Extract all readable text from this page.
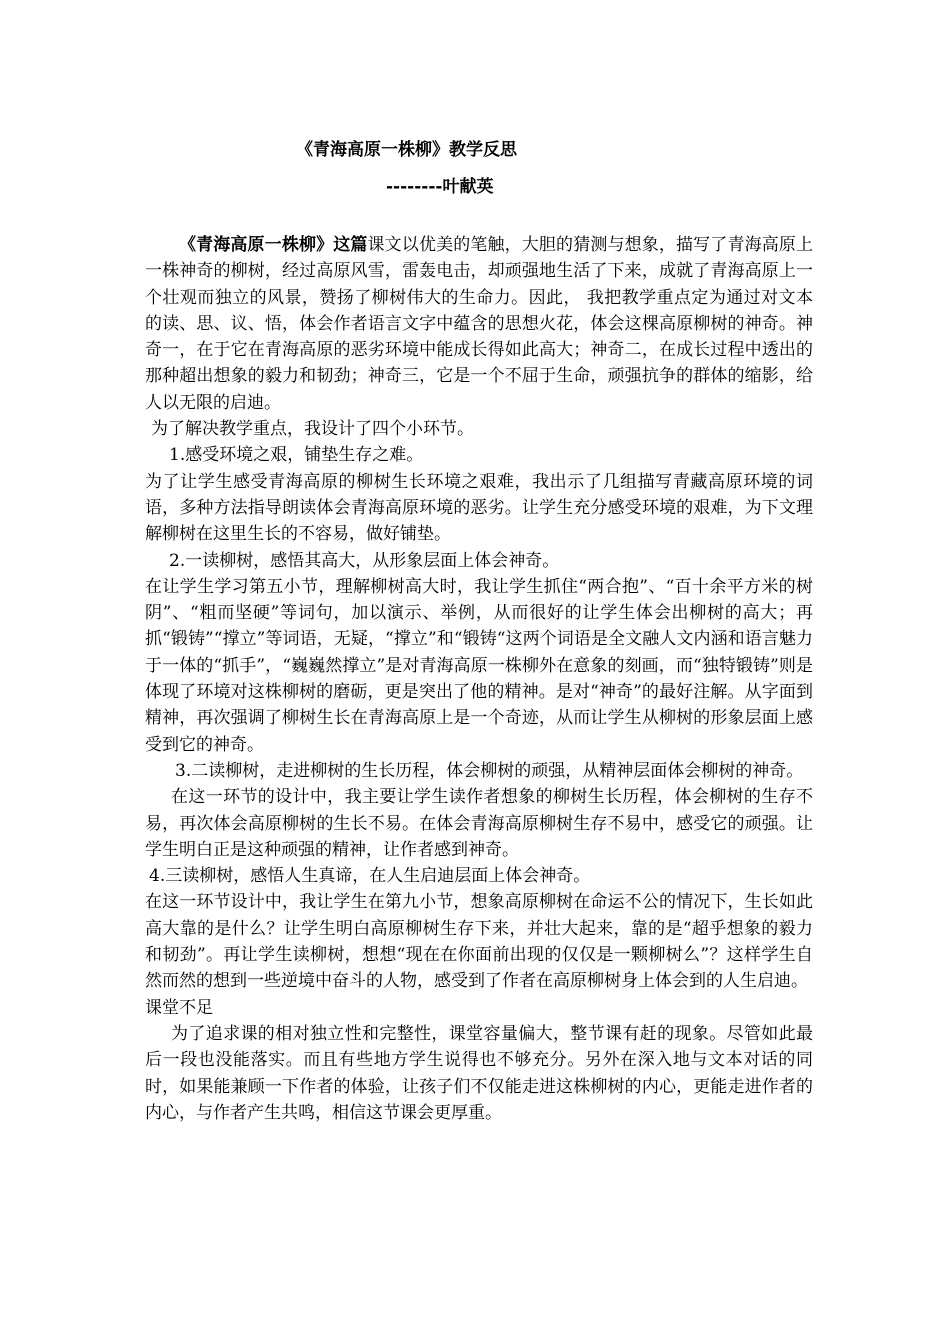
《青海高原一株柳》教学反思
--------叶献英

《青海高原一株柳》这篇课文以优美的笔触，大胆的猜测与想象，描写了青海高原上一株神奇的柳树，经过高原风雪，雷轰电击，却顽强地生活了下来，成就了青海高原上一个壮观而独立的风景，赞扬了柳树伟大的生命力。因此， 我把教学重点定为通过对文本的读、思、议、悟，体会作者语言文字中蕴含的思想火花，体会这棵高原柳树的神奇。神奇一，在于它在青海高原的恶劣环境中能成长得如此高大；神奇二，在成长过程中透出的那种超出想象的毅力和韧劲；神奇三，它是一个不屈于生命，顽强抗争的群体的缩影，给人以无限的启迪。

为了解决教学重点，我设计了四个小环节。

1.感受环境之艰，铺垫生存之难。

为了让学生感受青海高原的柳树生长环境之艰难，我出示了几组描写青藏高原环境的词语，多种方法指导朗读体会青海高原环境的恶劣。让学生充分感受环境的艰难，为下文理解柳树在这里生长的不容易，做好铺垫。

2.一读柳树，感悟其高大，从形象层面上体会神奇。

在让学生学习第五小节，理解柳树高大时，我让学生抓住“两合抱”、“百十余平方米的树阴”、“粗而坚硬”等词句，加以演示、举例，从而很好的让学生体会出柳树的高大；再抓“锻铸”“撑立”等词语，无疑，“撑立”和“锻铸“这两个词语是全文融人文内涵和语言魅力于一体的“抓手”，“巍巍然撑立”是对青海高原一株柳外在意象的刻画，而“独特锻铸”则是体现了环境对这株柳树的磨砺，更是突出了他的精神。是对“神奇”的最好注解。从字面到精神，再次强调了柳树生长在青海高原上是一个奇迹，从而让学生从柳树的形象层面上感受到它的神奇。

3.二读柳树，走进柳树的生长历程，体会柳树的顽强，从精神层面体会柳树的神奇。

在这一环节的设计中，我主要让学生读作者想象的柳树生长历程，体会柳树的生存不易，再次体会高原柳树的生长不易。在体会青海高原柳树生存不易中，感受它的顽强。让学生明白正是这种顽强的精神，让作者感到神奇。

4.三读柳树，感悟人生真谛，在人生启迪层面上体会神奇。

在这一环节设计中，我让学生在第九小节，想象高原柳树在命运不公的情况下，生长如此高大靠的是什么？让学生明白高原柳树生存下来，并壮大起来，靠的是“超乎想象的毅力和韧劲”。再让学生读柳树，想想“现在在你面前出现的仅仅是一颗柳树么”？这样学生自然而然的想到一些逆境中奋斗的人物，感受到了作者在高原柳树身上体会到的人生启迪。

课堂不足

为了追求课的相对独立性和完整性，课堂容量偏大，整节课有赶的现象。尽管如此最后一段也没能落实。而且有些地方学生说得也不够充分。另外在深入地与文本对话的同时，如果能兼顾一下作者的体验，让孩子们不仅能走进这株柳树的内心，更能走进作者的内心，与作者产生共鸣，相信这节课会更厚重。
